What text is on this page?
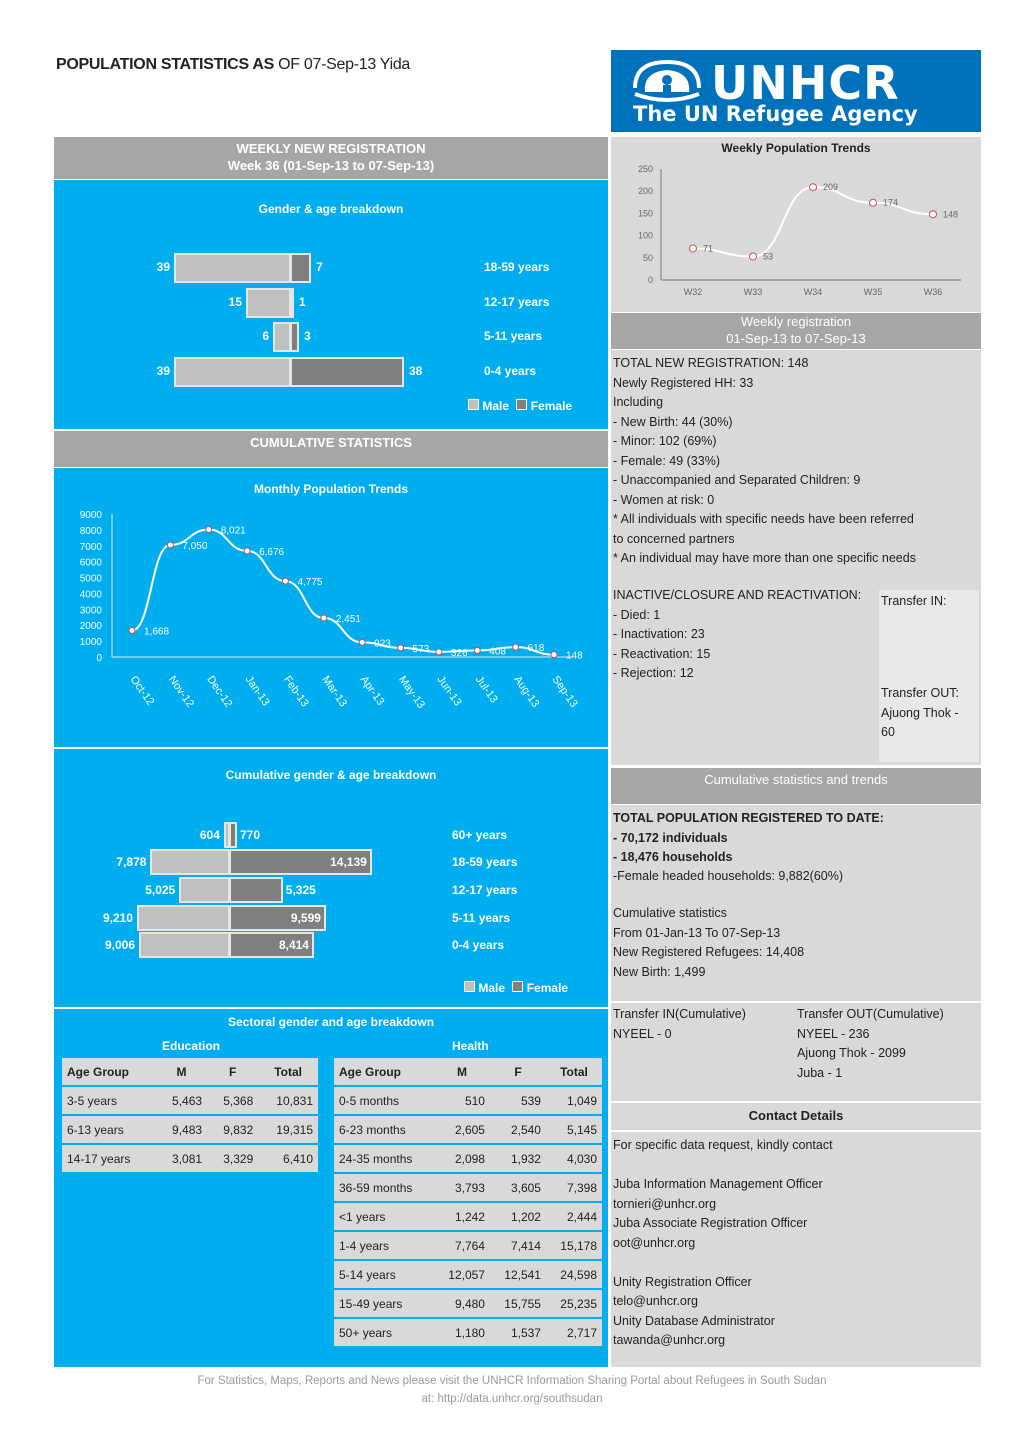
POPULATION STATISTICS AS OF 07-Sep-13 Yida	UNHCR
The UN Refugee Agency
WEEKLY NEW REGISTRATION
Week 36 (01-Sep-13 to 07-Sep-13)
Gender & age breakdown
39	7	18-59 years
15	1	12-17 years
6	3	5-11 years
39	38	0-4 years
Male Female
CUMULATIVE STATISTICS
Monthly Population Trends
0
1000
2000
3000
4000
5000
6000
7000
8000
9000
1,668
Oct-12
7,050
Nov-12
8,021
Dec-12
6,676
Jan-13
4,775
Feb-13
2,451
Mar-13
923
Apr-13
573
May-13
326
Jun-13
408
Jul-13
618
Aug-13
148
Sep-13
Cumulative gender & age breakdown
604 770	60+ years
7,878	14,139	18-59 years
5,025	5,325	12-17 years
9,210	9,599	5-11 years
9,006	8,414	0-4 years
Male Female
Sectoral gender and age breakdown
Education	Health
Age Group	M	F	Total
3-5 years	5,463	5,368	10,831
6-13 years	9,483	9,832	19,315
14-17 years	3,081	3,329	6,410
Age Group	M	F	Total
0-5 months	510	539	1,049
6-23 months	2,605	2,540	5,145
24-35 months	2,098	1,932	4,030
36-59 months	3,793	3,605	7,398
<1 years	1,242	1,202	2,444
1-4 years	7,764	7,414	15,178
5-14 years	12,057	12,541	24,598
15-49 years	9,480	15,755	25,235
50+ years	1,180	1,537	2,717
Weekly Population Trends
0
50
100
150
200
250
71
W32
53
W33
209
W34
174
W35
148
W36
Weekly registration
01-Sep-13 to 07-Sep-13
TOTAL NEW REGISTRATION: 148
Newly Registered HH: 33
Including
- New Birth: 44 (30%)
- Minor: 102 (69%)
- Female: 49 (33%)
- Unaccompanied and Separated Children: 9
- Women at risk: 0
* All individuals with specific needs have been referred
to concerned partners
* An individual may have more than one specific needs
INACTIVE/CLOSURE AND REACTIVATION:
- Died: 1
- Inactivation: 23
- Reactivation: 15
- Rejection: 12
Transfer IN:
Transfer OUT:
Ajuong Thok -
60
Cumulative statistics and trends
TOTAL POPULATION REGISTERED TO DATE:
- 70,172 individuals
- 18,476 households
-Female headed households: 9,882(60%)
Cumulative statistics
From 01-Jan-13 To 07-Sep-13
New Registered Refugees: 14,408
New Birth: 1,499
Transfer IN(Cumulative)
NYEEL - 0
Transfer OUT(Cumulative)
NYEEL - 236
Ajuong Thok - 2099
Juba - 1
Contact Details
For specific data request, kindly contact

Juba Information Management Officer
tornieri@unhcr.org
Juba Associate Registration Officer
oot@unhcr.org

Unity Registration Officer
telo@unhcr.org
Unity Database Administrator
tawanda@unhcr.org
For Statistics, Maps, Reports and News please visit the UNHCR Information Sharing Portal about Refugees in South Sudan
at: http://data.unhcr.org/southsudan
